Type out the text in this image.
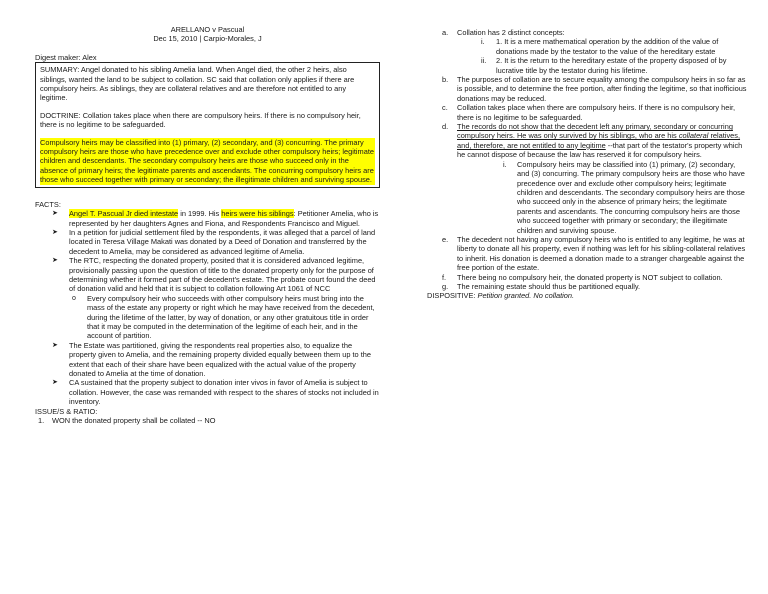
ARELLANO v Pascual

Dec 15, 2010 | Carpio-Morales, J

Digest maker: Alex

SUMMARY: Angel donated to his sibling Amelia land. When Angel died, the other 2 heirs, also siblings, wanted the land to be subject to collation. SC said that collation only applies if there are compulsory heirs. As siblings, they are collateral relatives and are therefore not entitled to any legitime.

DOCTRINE: Collation takes place when there are compulsory heirs. If there is no compulsory heir, there is no legitime to be safeguarded.

Compulsory heirs may be classified into (1) primary, (2) secondary, and (3) concurring. The primary compulsory heirs are those who have precedence over and exclude other compulsory heirs; legitimate children and descendants. The secondary compulsory heirs are those who succeed only in the absence of primary heirs; the legitimate parents and ascendants. The concurring compulsory heirs are those who succeed together with primary or secondary; the illegitimate children and surviving spouse.

FACTS:

➤ Angel T. Pascual Jr died intestate in 1999. His heirs were his siblings: Petitioner Amelia, who is represented by her daughters Agnes and Fiona, and Respondents Francisco and Miguel.
➤ In a petition for judicial settlement filed by the respondents, it was alleged that a parcel of land located in Teresa Village Makati was donated by a Deed of Donation and transferred by the decedent to Amelia, may be considered as advanced legitime of Amelia.
➤ The RTC, respecting the donated property, posited that it is considered advanced legitime, provisionally passing upon the question of title to the donated property only for the purpose of determining whether it formed part of the decedent's estate. The probate court found the deed of donation valid and held that it is subject to collation following Art 1061 of NCC
o Every compulsory heir who succeeds with other compulsory heirs must bring into the mass of the estate any property or right which he may have received from the decedent, during the lifetime of the latter, by way of donation, or any other gratuitous title in order that it may be computed in the determination of the legitime of each heir, and in the account of partition.
➤ The Estate was partitioned, giving the respondents real properties also, to equalize the property given to Amelia, and the remaining property divided equally between them up to the extent that each of their share have been equalized with the actual value of the property donated to Amelia at the time of donation.
➤ CA sustained that the property subject to donation inter vivos in favor of Amelia is subject to collation. However, the case was remanded with respect to the shares of stocks not included in inventory.

ISSUE/S & RATIO:

1. WON the donated property shall be collated -- NO
a. Collation has 2 distinct concepts:
i. 1. It is a mere mathematical operation by the addition of the value of donations made by the testator to the value of the hereditary estate
ii. 2. It is the return to the hereditary estate of the property disposed of by lucrative title by the testator during his lifetime.
b. The purposes of collation are to secure equality among the compulsory heirs in so far as is possible, and to determine the free portion, after finding the legitime, so that inofficious donations may be reduced.
c. Collation takes place when there are compulsory heirs. If there is no compulsory heir, there is no legitime to be safeguarded.
d. The records do not show that the decedent left any primary, secondary or concurring compulsory heirs. He was only survived by his siblings, who are his collateral relatives, and, therefore, are not entitled to any legitime --that part of the testator's property which he cannot dispose of because the law has reserved it for compulsory heirs.
i. Compulsory heirs may be classified into (1) primary, (2) secondary, and (3) concurring. The primary compulsory heirs are those who have precedence over and exclude other compulsory heirs; legitimate children and descendants. The secondary compulsory heirs are those who succeed only in the absence of primary heirs; the legitimate parents and ascendants. The concurring compulsory heirs are those who succeed together with primary or secondary; the illegitimate children and surviving spouse.
e. The decedent not having any compulsory heirs who is entitled to any legitime, he was at liberty to donate all his property, even if nothing was left for his sibling-collateral relatives to inherit. His donation is deemed a donation made to a stranger chargeable against the free portion of the estate.
f. There being no compulsory heir, the donated property is NOT subject to collation.
g. The remaining estate should thus be partitioned equally.

DISPOSITIVE: Petition granted. No collation.
